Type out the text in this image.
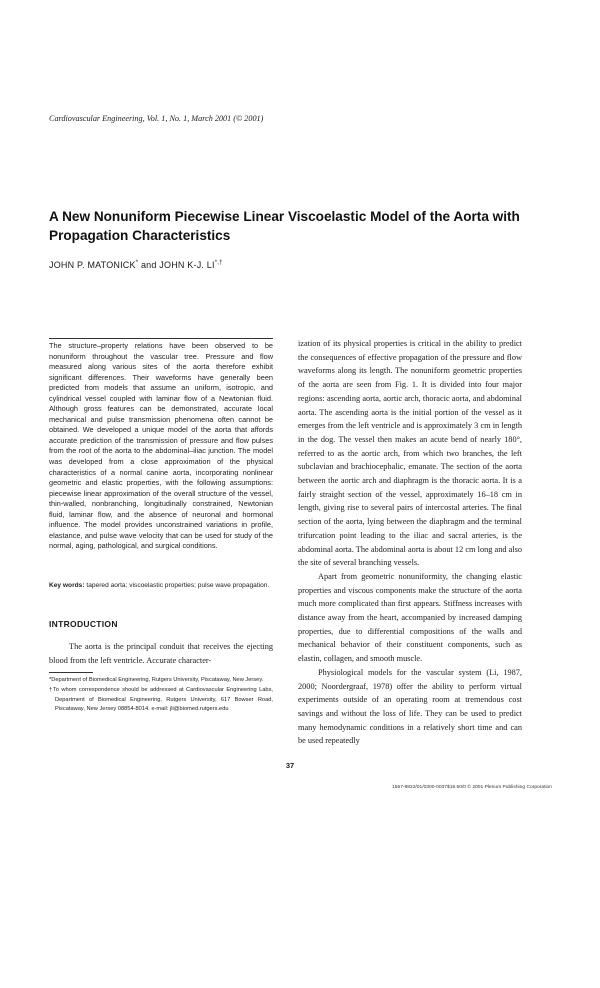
Cardiovascular Engineering, Vol. 1, No. 1, March 2001 (© 2001)
A New Nonuniform Piecewise Linear Viscoelastic Model of the Aorta with Propagation Characteristics
JOHN P. MATONICK* and JOHN K-J. LI*,†
The structure–property relations have been observed to be nonuniform throughout the vascular tree. Pressure and flow measured along various sites of the aorta therefore exhibit significant differences. Their waveforms have generally been predicted from models that assume an uniform, isotropic, and cylindrical vessel coupled with laminar flow of a Newtonian fluid. Although gross features can be demonstrated, accurate local mechanical and pulse transmission phenomena often cannot be obtained. We developed a unique model of the aorta that affords accurate prediction of the transmission of pressure and flow pulses from the root of the aorta to the abdominal–iliac junction. The model was developed from a close approximation of the physical characteristics of a normal canine aorta, incorporating nonlinear geometric and elastic properties, with the following assumptions: piecewise linear approximation of the overall structure of the vessel, thin-walled, nonbranching, longitudinally constrained, Newtonian fluid, laminar flow, and the absence of neuronal and hormonal influence. The model provides unconstrained variations in profile, elastance, and pulse wave velocity that can be used for study of the normal, aging, pathological, and surgical conditions.
Key words: tapered aorta; viscoelastic properties; pulse wave propagation.
INTRODUCTION

The aorta is the principal conduit that receives the ejecting blood from the left ventricle. Accurate character-

*Department of Biomedical Engineering, Rutgers University, Piscataway, New Jersey.

†To whom correspondence should be addressed at Cardiovascular Engineering Labs, Department of Biomedical Engineering, Rutgers University, 617 Bowser Road, Piscataway, New Jersey 08854-8014. e-mail: jli@biomed.rutgers.edu

ization of its physical properties is critical in the ability to predict the consequences of effective propagation of the pressure and flow waveforms along its length. The nonuniform geometric properties of the aorta are seen from Fig. 1. It is divided into four major regions: ascending aorta, aortic arch, thoracic aorta, and abdominal aorta. The ascending aorta is the initial portion of the vessel as it emerges from the left ventricle and is approximately 3 cm in length in the dog. The vessel then makes an acute bend of nearly 180°, referred to as the aortic arch, from which two branches, the left subclavian and brachiocephalic, emanate. The section of the aorta between the aortic arch and diaphragm is the thoracic aorta. It is a fairly straight section of the vessel, approximately 16–18 cm in length, giving rise to several pairs of intercostal arteries. The final section of the aorta, lying between the diaphragm and the terminal trifurcation point leading to the iliac and sacral arteries, is the abdominal aorta. The abdominal aorta is about 12 cm long and also the site of several branching vessels.

Apart from geometric nonuniformity, the changing elastic properties and viscous components make the structure of the aorta much more complicated than first appears. Stiffness increases with distance away from the heart, accompanied by increased damping properties, due to differential compositions of the walls and mechanical behavior of their constituent components, such as elastin, collagen, and smooth muscle.

Physiological models for the vascular system (Li, 1987, 2000; Noordergraaf, 1978) offer the ability to perform virtual experiments outside of an operating room at tremendous cost savings and without the loss of life. They can be used to predict many hemodynamic conditions in a relatively short time and can be used repeatedly

37
1567-8822/01/0300-0037$19.50/0 © 2001 Plenum Publishing Corporation
